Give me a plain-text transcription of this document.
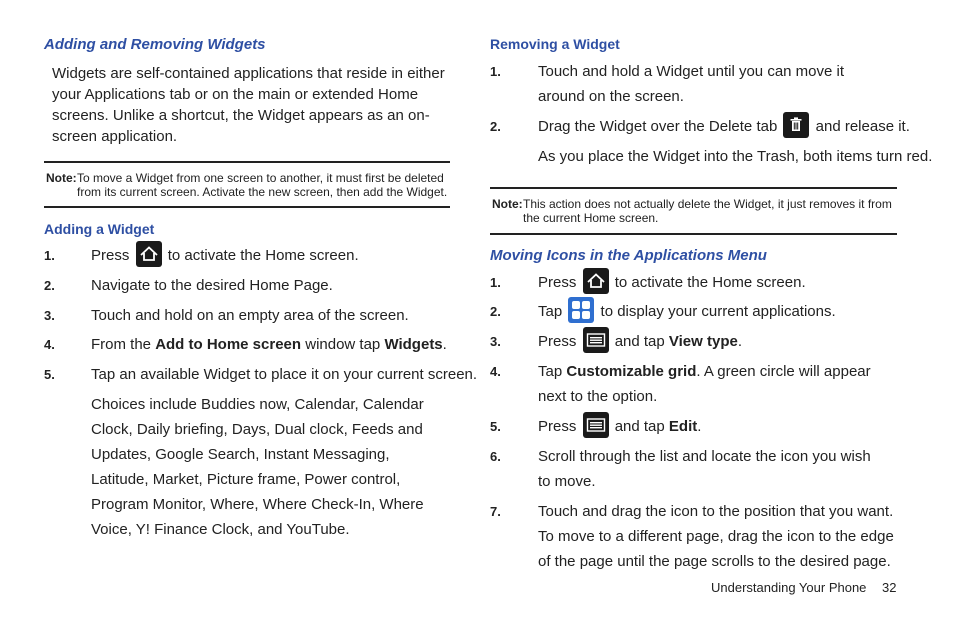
Adding and Removing Widgets
Widgets are self-contained applications that reside in either your Applications tab or on the main or extended Home screens. Unlike a shortcut, the Widget appears as an on-screen application.
Note: To move a Widget from one screen to another, it must first be deleted from its current screen. Activate the new screen, then add the Widget.
Adding a Widget
1. Press	to activate the Home screen.
2. Navigate to the desired Home Page.
3. Touch and hold on an empty area of the screen.
4. From the Add to Home screen window tap Widgets.
5. Tap an available Widget to place it on your current screen.
Choices include Buddies now, Calendar, Calendar Clock, Daily briefing, Days, Dual clock, Feeds and Updates, Google Search, Instant Messaging, Latitude, Market, Picture frame, Power control, Program Monitor, Where, Where Check-In, Where Voice, Y! Finance Clock, and YouTube.
Removing a Widget
1. Touch and hold a Widget until you can move it around on the screen.
2. Drag the Widget over the Delete tab	and release it.
As you place the Widget into the Trash, both items turn red.
Note: This action does not actually delete the Widget, it just removes it from the current Home screen.
Moving Icons in the Applications Menu
1. Press	to activate the Home screen.
2. Tap	to display your current applications.
3. Press	and tap View type.
4. Tap Customizable grid. A green circle will appear next to the option.
5. Press	and tap Edit.
6. Scroll through the list and locate the icon you wish to move.
7. Touch and drag the icon to the position that you want. To move to a different page, drag the icon to the edge of the page until the page scrolls to the desired page.
Understanding Your Phone 32
